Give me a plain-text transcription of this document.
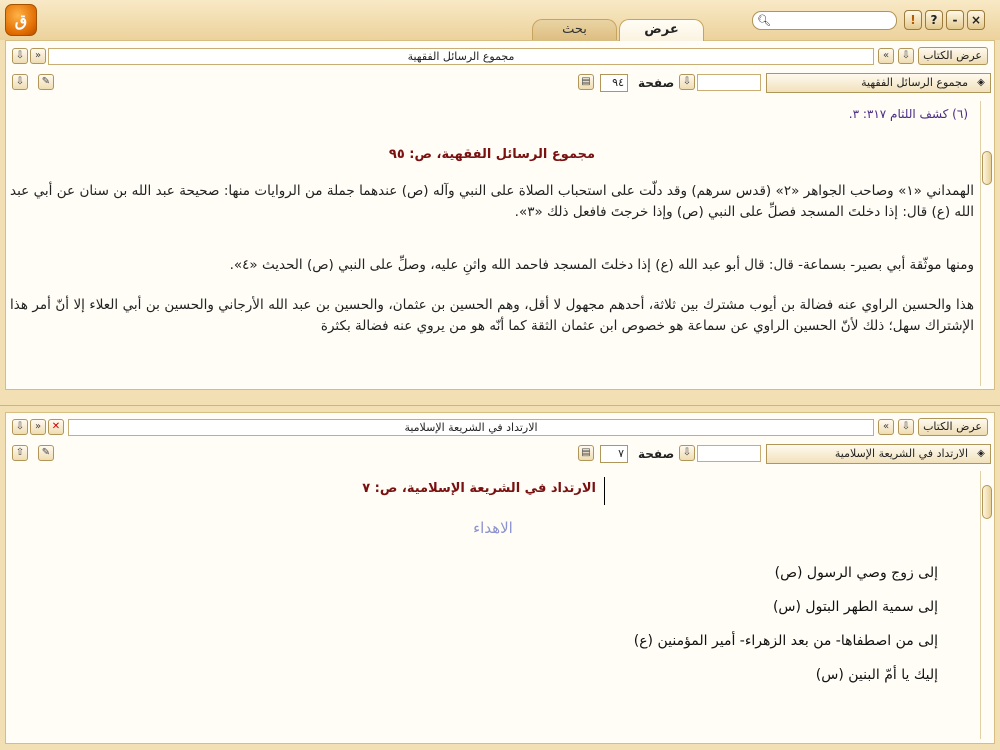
ق	بحث	عرض
🔍︎	!	?	-	×
⇩	»	مجموع الرسائل الفقهية	«	⇩	عرض الكتاب
⇩	✎	▤	٩٤	صفحة ⇩	مجموع الرسائل الفقهية ◈
(٦) كشف اللثام ٣١٧: ٣.
مجموع الرسائل الفقهية، ص: ٩٥
الهمداني «١» وصاحب الجواهر «٢» (قدس سرهم) وقد دلّت على استحباب الصلاة على النبي وآله (ص) عندهما جملة من الروايات منها: صحيحة عبد الله بن سنان عن أبي عبد الله (ع) قال: إذا دخلتَ المسجد فصلِّ على النبي (ص) وإذا خرجتَ فافعل ذلك «٣».
ومنها موثّقة أبي بصير- بسماعة- قال: قال أبو عبد الله (ع) إذا دخلتَ المسجد فاحمد الله واثنِ عليه، وصلِّ على النبي (ص) الحديث «٤».
هذا والحسين الراوي عنه فضالة بن أيوب مشترك بين ثلاثة، أحدهم مجهول لا أقل، وهم الحسين بن عثمان، والحسين بن عبد الله الأرجاني والحسين بن أبي العلاء إلا أنّ أمر هذا الإشتراك سهل؛ ذلك لأنّ الحسين الراوي عن سماعة هو خصوص ابن عثمان الثقة كما أنّه هو من يروي عنه فضالة بكثرة
⇩	»	✕	الارتداد في الشريعة الإسلامية	«	⇩	عرض الكتاب
⇧	✎	▤	٧	صفحة ⇩	الارتداد في الشريعة الإسلامية ◈
الارتداد في الشريعة الإسلامية، ص: ٧
الاهداء
إلى زوج وصي الرسول (ص)
إلى سمية الطهر البتول (س)
إلى من اصطفاها- من بعد الزهراء- أمير المؤمنين (ع)
إليك يا أمّ البنين (س)
